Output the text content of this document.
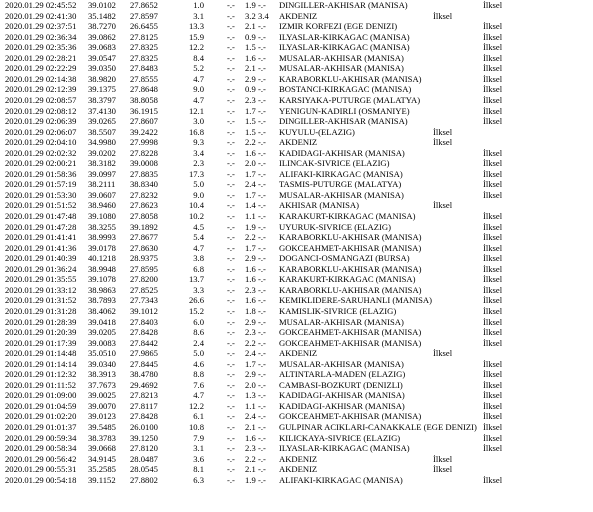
2020.01.29 02:45:52 39.0102 27.8652	1.0	-.- 1.9 -.- DINGILLER-AKHISAR (MANISA)	İlksel
2020.01.29 02:41:30 35.1482 27.8597	3.1	-.- 3.2 3.4 AKDENIZ	İlksel
2020.01.29 02:37:51 38.7270 26.6455	13.3	-.- 2.1 -.- IZMIR KORFEZI (EGE DENIZI)	İlksel
2020.01.29 02:36:34 39.0862 27.8125	15.9	-.- 0.9 -.- ILYASLAR-KIRKAGAC (MANISA)	İlksel
2020.01.29 02:35:36 39.0683 27.8325	12.2	-.- 1.5 -.- ILYASLAR-KIRKAGAC (MANISA)	İlksel
2020.01.29 02:28:21 39.0547 27.8325	8.4	-.- 1.6 -.- MUSALAR-AKHISAR (MANISA)	İlksel
2020.01.29 02:22:29 39.0350 27.8483	5.2	-.- 2.1 -.- MUSALAR-AKHISAR (MANISA)	İlksel
2020.01.29 02:14:38 38.9820 27.8555	4.7	-.- 2.9 -.- KARABORKLU-AKHISAR (MANISA)	İlksel
2020.01.29 02:12:39 39.1375 27.8648	9.0	-.- 0.9 -.- BOSTANCI-KIRKAGAC (MANISA)	İlksel
2020.01.29 02:08:57 38.3797 38.8058	4.7	-.- 2.3 -.- KARSIYAKA-PUTURGE (MALATYA)	İlksel
2020.01.29 02:08:12 37.4130 36.1915	12.1	-.- 1.7 -.- YENIGUN-KADIRLI (OSMANIYE)	İlksel
2020.01.29 02:06:39 39.0265 27.8607	3.0	-.- 1.5 -.- DINGILLER-AKHISAR (MANISA)	İlksel
2020.01.29 02:06:07 38.5507 39.2422	16.8	-.- 1.5 -.- KUYULU-(ELAZIG)	İlksel
2020.01.29 02:04:10 34.9980 27.9998	9.3	-.- 2.2 -.- AKDENIZ	İlksel
2020.01.29 02:02:32 39.0202 27.8228	3.4	-.- 1.6 -.- KADIDAGI-AKHISAR (MANISA)	İlksel
2020.01.29 02:00:21 38.3182 39.0008	2.3	-.- 2.0 -.- ILINCAK-SIVRICE (ELAZIG)	İlksel
2020.01.29 01:58:36 39.0997 27.8835	17.3	-.- 1.7 -.- ALIFAKI-KIRKAGAC (MANISA)	İlksel
2020.01.29 01:57:19 38.2111 38.8340	5.0	-.- 2.4 -.- TASMIS-PUTURGE (MALATYA)	İlksel
2020.01.29 01:53:30 39.0607 27.8232	9.0	-.- 1.7 -.- MUSALAR-AKHISAR (MANISA)	İlksel
2020.01.29 01:51:52 38.9460 27.8623	10.4	-.- 1.4 -.- AKHISAR (MANISA)	İlksel
2020.01.29 01:47:48 39.1080 27.8058	10.2	-.- 1.1 -.- KARAKURT-KIRKAGAC (MANISA)	İlksel
2020.01.29 01:47:28 38.3255 39.1892	4.5	-.- 1.9 -.- UYURUK-SIVRICE (ELAZIG)	İlksel
2020.01.29 01:41:41 38.9993 27.8677	5.4	-.- 2.2 -.- KARABORKLU-AKHISAR (MANISA)	İlksel
2020.01.29 01:41:36 39.0178 27.8630	4.7	-.- 1.7 -.- GOKCEAHMET-AKHISAR (MANISA)	İlksel
2020.01.29 01:40:39 40.1218 28.9375	3.8	-.- 2.9 -.- DOGANCI-OSMANGAZI (BURSA)	İlksel
2020.01.29 01:36:24 38.9948 27.8595	6.8	-.- 1.6 -.- KARABORKLU-AKHISAR (MANISA)	İlksel
2020.01.29 01:35:55 39.1078 27.8200	13.7	-.- 1.6 -.- KARAKURT-KIRKAGAC (MANISA)	İlksel
2020.01.29 01:33:12 38.9863 27.8525	3.3	-.- 2.3 -.- KARABORKLU-AKHISAR (MANISA)	İlksel
2020.01.29 01:31:52 38.7893 27.7343	26.6	-.- 1.6 -.- KEMIKLIDERE-SARUHANLI (MANISA)	İlksel
2020.01.29 01:31:28 38.4062 39.1012	15.2	-.- 1.8 -.- KAMISLIK-SIVRICE (ELAZIG)	İlksel
2020.01.29 01:28:39 39.0418 27.8403	6.0	-.- 2.9 -.- MUSALAR-AKHISAR (MANISA)	İlksel
2020.01.29 01:20:39 39.0205 27.8428	8.6	-.- 2.3 -.- GOKCEAHMET-AKHISAR (MANISA)	İlksel
2020.01.29 01:17:39 39.0083 27.8442	2.4	-.- 2.2 -.- GOKCEAHMET-AKHISAR (MANISA)	İlksel
2020.01.29 01:14:48 35.0510 27.9865	5.0	-.- 2.4 -.- AKDENIZ	İlksel
2020.01.29 01:14:14 39.0340 27.8445	4.6	-.- 1.7 -.- MUSALAR-AKHISAR (MANISA)	İlksel
2020.01.29 01:12:32 38.3913 38.4780	8.8	-.- 2.9 -.- ALTINTARLA-MADEN (ELAZIG)	İlksel
2020.01.29 01:11:52 37.7673 29.4692	7.6	-.- 2.0 -.- CAMBASI-BOZKURT (DENIZLI)	İlksel
2020.01.29 01:09:00 39.0025 27.8213	4.7	-.- 1.3 -.- KADIDAGI-AKHISAR (MANISA)	İlksel
2020.01.29 01:04:59 39.0070 27.8117	12.2	-.- 1.1 -.- KADIDAGI-AKHISAR (MANISA)	İlksel
2020.01.29 01:02:20 39.0123 27.8428	6.1	-.- 2.4 -.- GOKCEAHMET-AKHISAR (MANISA)	İlksel
2020.01.29 01:01:37 39.5485 26.0100	10.8	-.- 2.1 -.- GULPINAR ACIKLARI-CANAKKALE (EGE DENIZI) İlksel
2020.01.29 00:59:34 38.3783 39.1250	7.9	-.- 1.6 -.- KILICKAYA-SIVRICE (ELAZIG)	İlksel
2020.01.29 00:58:34 39.0668 27.8120	3.1	-.- 2.3 -.- ILYASLAR-KIRKAGAC (MANISA)	İlksel
2020.01.29 00:56:42 34.9145 28.0487	3.6	-.- 2.2 -.- AKDENIZ	İlksel
2020.01.29 00:55:31 35.2585 28.0545	8.1	-.- 2.1 -.- AKDENIZ	İlksel
2020.01.29 00:54:18 39.1152 27.8802	6.3	-.- 1.9 -.- ALIFAKI-KIRKAGAC (MANISA)	İlksel
